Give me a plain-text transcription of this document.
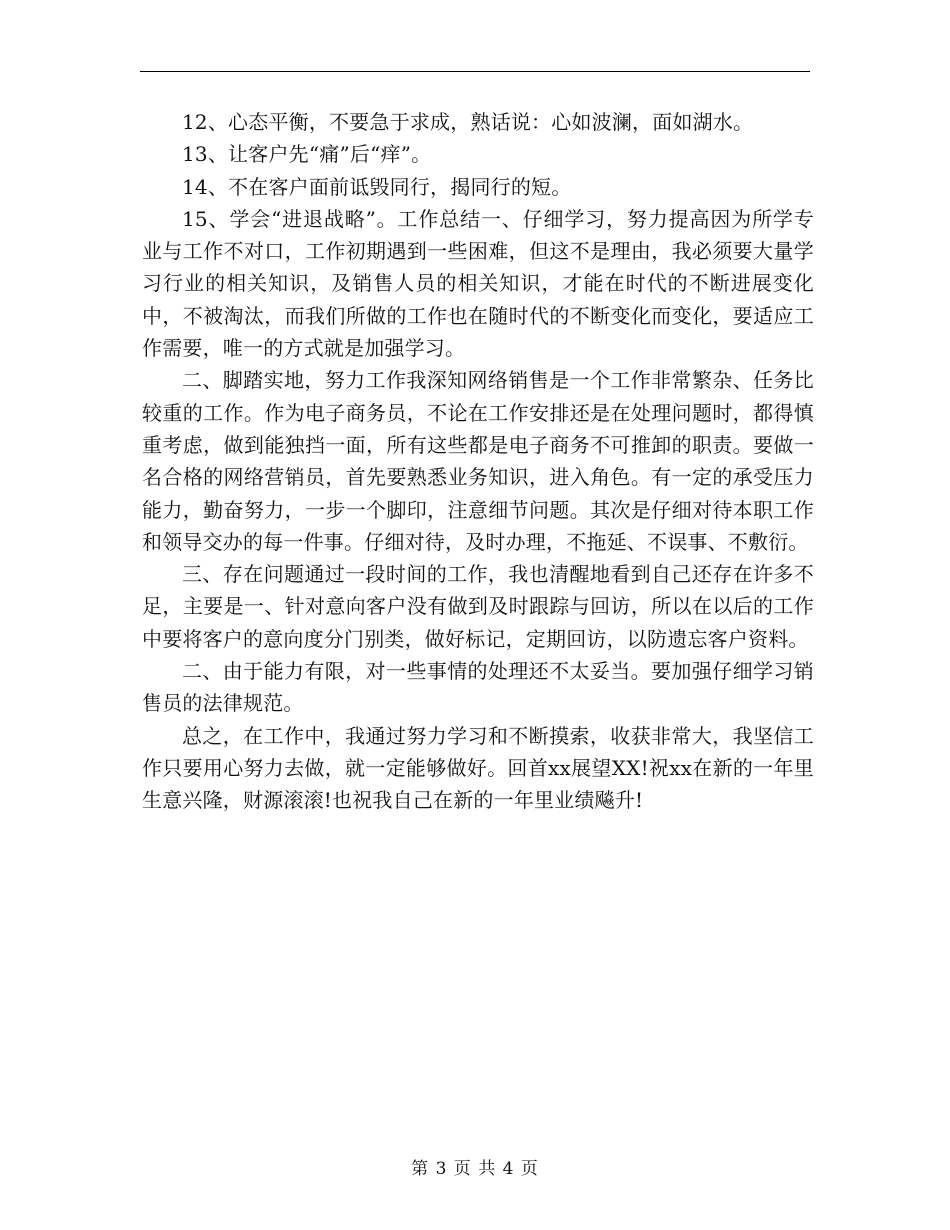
12、心态平衡，不要急于求成，熟话说：心如波澜，面如湖水。

13、让客户先“痛”后“痒”。

14、不在客户面前诋毁同行，揭同行的短。

15、学会“进退战略”。工作总结一、仔细学习，努力提高因为所学专业与工作不对口，工作初期遇到一些困难，但这不是理由，我必须要大量学习行业的相关知识，及销售人员的相关知识，才能在时代的不断进展变化中，不被淘汰，而我们所做的工作也在随时代的不断变化而变化，要适应工作需要，唯一的方式就是加强学习。

二、脚踏实地，努力工作我深知网络销售是一个工作非常繁杂、任务比较重的工作。作为电子商务员，不论在工作安排还是在处理问题时，都得慎重考虑，做到能独挡一面，所有这些都是电子商务不可推卸的职责。要做一名合格的网络营销员，首先要熟悉业务知识，进入角色。有一定的承受压力能力，勤奋努力，一步一个脚印，注意细节问题。其次是仔细对待本职工作和领导交办的每一件事。仔细对待，及时办理，不拖延、不误事、不敷衍。

三、存在问题通过一段时间的工作，我也清醒地看到自己还存在许多不足，主要是一、针对意向客户没有做到及时跟踪与回访，所以在以后的工作中要将客户的意向度分门别类，做好标记，定期回访，以防遗忘客户资料。

二、由于能力有限，对一些事情的处理还不太妥当。要加强仔细学习销售员的法律规范。

总之，在工作中，我通过努力学习和不断摸索，收获非常大，我坚信工作只要用心努力去做，就一定能够做好。回首xx展望XX!祝xx在新的一年里生意兴隆，财源滚滚!也祝我自己在新的一年里业绩飚升!

第 3 页 共 4 页
